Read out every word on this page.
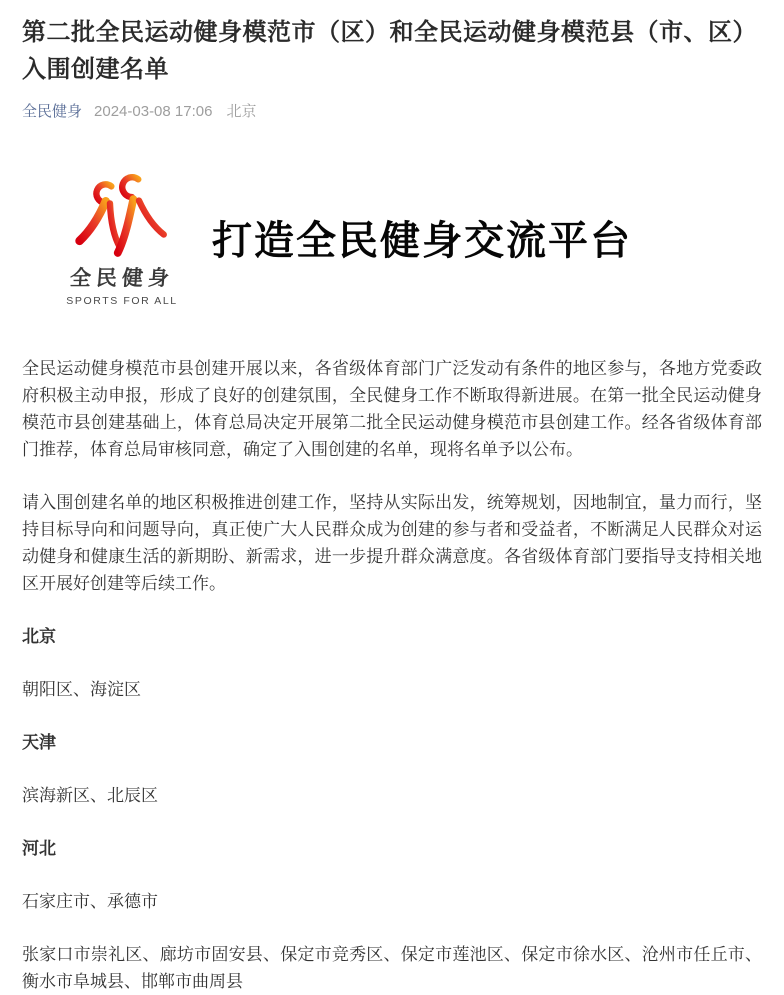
第二批全民运动健身模范市（区）和全民运动健身模范县（市、区）入围创建名单
全民健身 2024-03-08 17:06 北京
全民健身
SPORTS FOR ALL
打造全民健身交流平台

全民运动健身模范市县创建开展以来，各省级体育部门广泛发动有条件的地区参与，各地方党委政府积极主动申报，形成了良好的创建氛围，全民健身工作不断取得新进展。在第一批全民运动健身模范市县创建基础上，体育总局决定开展第二批全民运动健身模范市县创建工作。经各省级体育部门推荐，体育总局审核同意，确定了入围创建的名单，现将名单予以公布。

请入围创建名单的地区积极推进创建工作，坚持从实际出发，统筹规划，因地制宜，量力而行，坚持目标导向和问题导向，真正使广大人民群众成为创建的参与者和受益者，不断满足人民群众对运动健身和健康生活的新期盼、新需求，进一步提升群众满意度。各省级体育部门要指导支持相关地区开展好创建等后续工作。

北京

朝阳区、海淀区

天津

滨海新区、北辰区

河北

石家庄市、承德市

张家口市崇礼区、廊坊市固安县、保定市竞秀区、保定市莲池区、保定市徐水区、沧州市任丘市、衡水市阜城县、邯郸市曲周县
